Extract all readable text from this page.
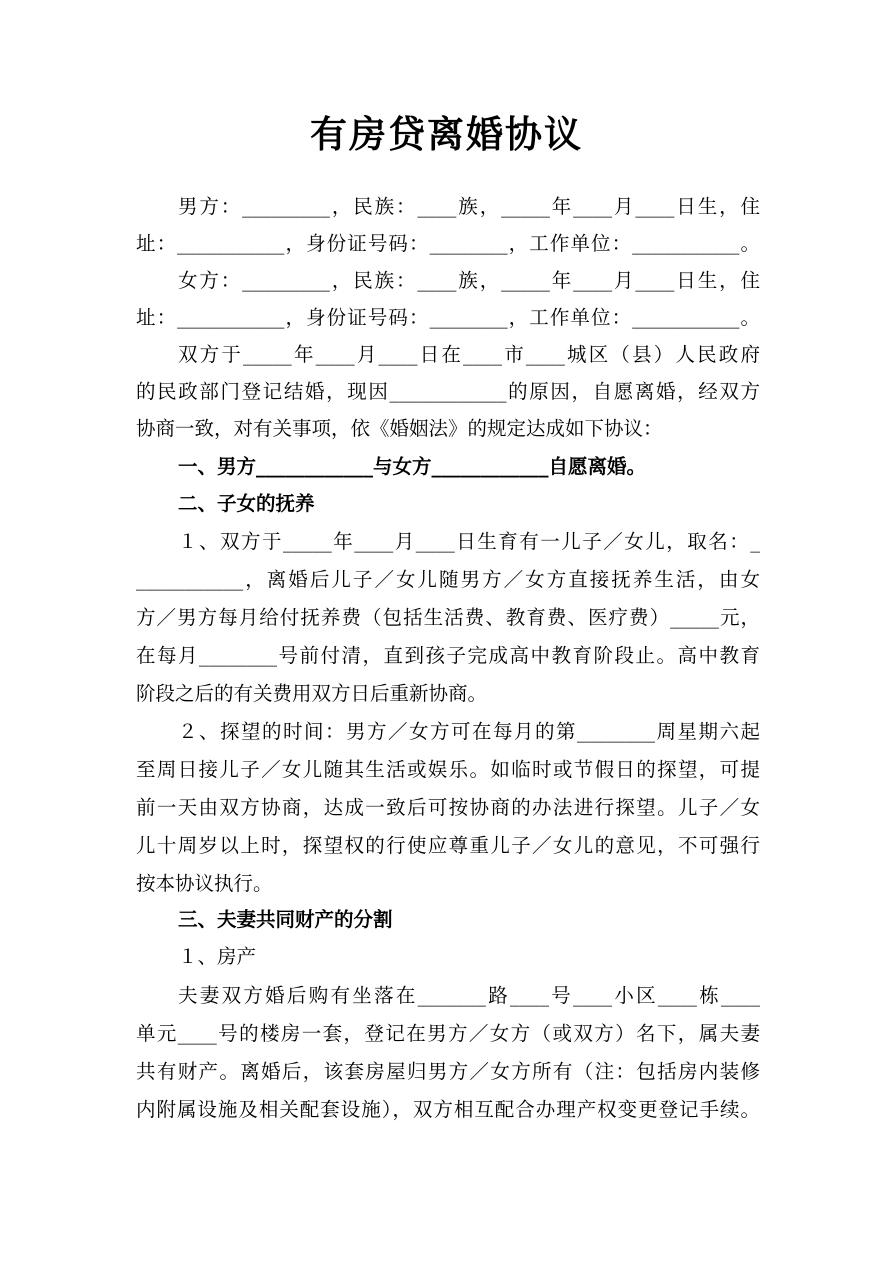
有房贷离婚协议
男方：_________，民族：____族，_____年____月____日生，住
址：___________，身份证号码：________，工作单位：___________。
女方：_________，民族：____族，_____年____月____日生，住
址：___________，身份证号码：________，工作单位：___________。
双方于_____年____月____日在____市____城区（县）人民政府
的民政部门登记结婚，现因____________的原因，自愿离婚，经双方
协商一致，对有关事项，依《婚姻法》的规定达成如下协议：
一、男方____________与女方____________自愿离婚。
二、子女的抚养
１、双方于_____年____月____日生育有一儿子／女儿，取名：_
___________，离婚后儿子／女儿随男方／女方直接抚养生活，由女
方／男方每月给付抚养费（包括生活费、教育费、医疗费）_____元，
在每月________号前付清，直到孩子完成高中教育阶段止。高中教育
阶段之后的有关费用双方日后重新协商。
２、探望的时间：男方／女方可在每月的第________周星期六起
至周日接儿子／女儿随其生活或娱乐。如临时或节假日的探望，可提
前一天由双方协商，达成一致后可按协商的办法进行探望。儿子／女
儿十周岁以上时，探望权的行使应尊重儿子／女儿的意见，不可强行
按本协议执行。
三、夫妻共同财产的分割
１、房产
夫妻双方婚后购有坐落在_______路____号____小区____栋____
单元____号的楼房一套，登记在男方／女方（或双方）名下，属夫妻
共有财产。离婚后，该套房屋归男方／女方所有（注：包括房内装修
内附属设施及相关配套设施），双方相互配合办理产权变更登记手续。
